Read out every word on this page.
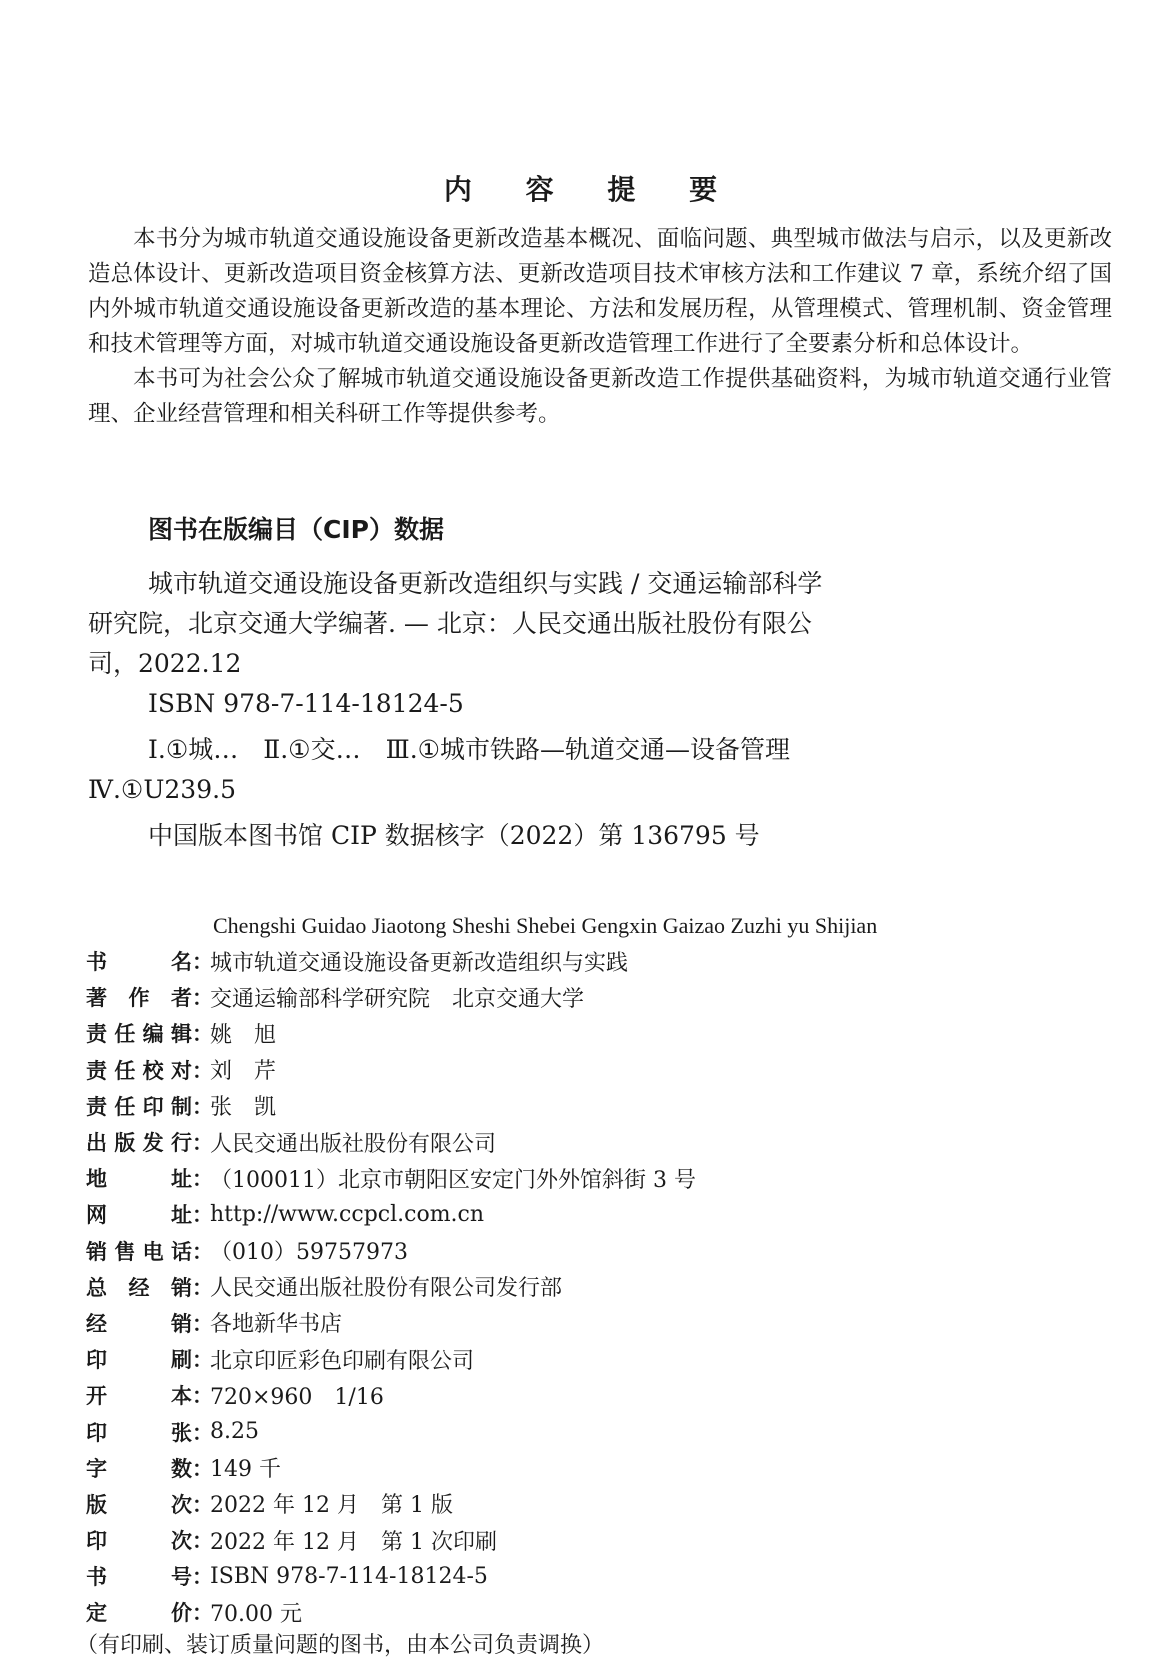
内 容 提 要

本书分为城市轨道交通设施设备更新改造基本概况、面临问题、典型城市做法与启示，以及更新改造总体设计、更新改造项目资金核算方法、更新改造项目技术审核方法和工作建议 7 章，系统介绍了国内外城市轨道交通设施设备更新改造的基本理论、方法和发展历程，从管理模式、管理机制、资金管理和技术管理等方面，对城市轨道交通设施设备更新改造管理工作进行了全要素分析和总体设计。

本书可为社会公众了解城市轨道交通设施设备更新改造工作提供基础资料，为城市轨道交通行业管理、企业经营管理和相关科研工作等提供参考。

图书在版编目（CIP）数据

城市轨道交通设施设备更新改造组织与实践 / 交通运输部科学研究院，北京交通大学编著. — 北京：人民交通出版社股份有限公司，2022.12

ISBN 978-7-114-18124-5

Ⅰ.①城…　Ⅱ.①交…　Ⅲ.①城市铁路—轨道交通—设备管理　Ⅳ.①U239.5

中国版本图书馆 CIP 数据核字（2022）第 136795 号

Chengshi Guidao Jiaotong Sheshi Shebei Gengxin Gaizao Zuzhi yu Shijian
书	名 ：
城市轨道交通设施设备更新改造组织与实践
著 作 者 ：
交通运输部科学研究院　北京交通大学
责 任 编 辑 ：
姚　旭
责 任 校 对 ：
刘　芹
责 任 印 制 ：
张　凯
出 版 发 行 ：
人民交通出版社股份有限公司
地	址 ：
（100011）北京市朝阳区安定门外外馆斜街 3 号
网	址 ：
http://www.ccpcl.com.cn
销 售 电 话 ：
（010）59757973
总 经 销 ：
人民交通出版社股份有限公司发行部
经	销 ：
各地新华书店
印	刷 ：
北京印匠彩色印刷有限公司
开	本 ：
720×960　1/16
印	张 ：
8.25
字	数 ：
149 千
版	次 ：
2022 年 12 月　第 1 版
印	次 ：
2022 年 12 月　第 1 次印刷
书	号 ：
ISBN 978-7-114-18124-5
定	价 ：
70.00 元
（有印刷、装订质量问题的图书，由本公司负责调换）
